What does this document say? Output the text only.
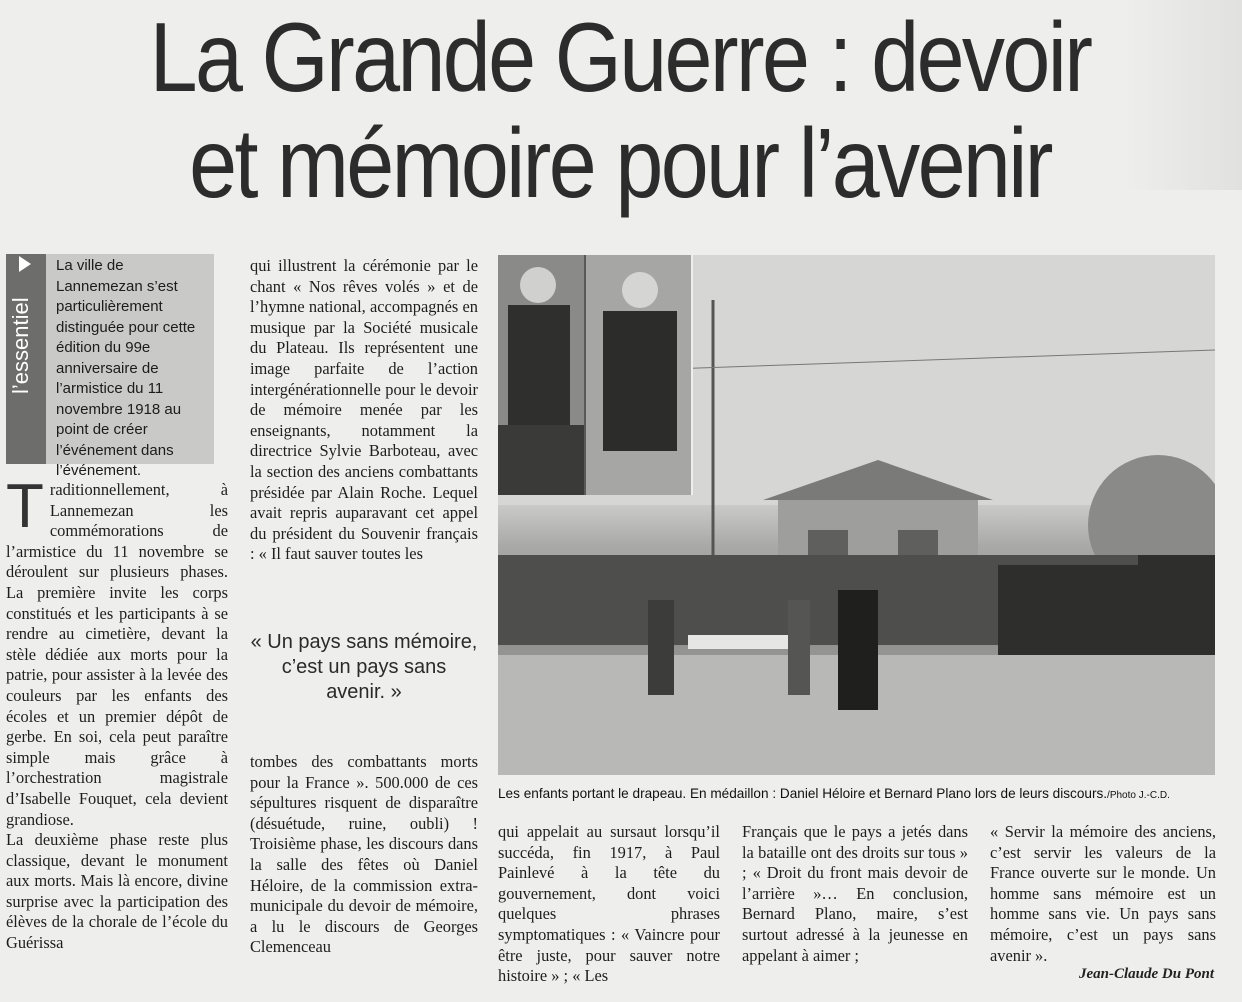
La Grande Guerre : devoir
et mémoire pour l’avenir
l’essentiel

La ville de Lannemezan s’est particulièrement distinguée pour cette édition du 99e anniversaire de l’armistice du 11 novembre 1918 au point de créer l’événement dans l’événement.

Traditionnellement, à Lannemezan les commémorations de l’armistice du 11 novembre se déroulent sur plusieurs phases. La première invite les corps constitués et les participants à se rendre au cimetière, devant la stèle dédiée aux morts pour la patrie, pour assister à la levée des couleurs par les enfants des écoles et un premier dépôt de gerbe. En soi, cela peut paraître simple mais grâce à l’orchestration magistrale d’Isabelle Fouquet, cela devient grandiose.

La deuxième phase reste plus classique, devant le monument aux morts. Mais là encore, divine surprise avec la participation des élèves de la chorale de l’école du Guérissa

qui illustrent la cérémonie par le chant « Nos rêves volés » et de l’hymne national, accompagnés en musique par la Société musicale du Plateau. Ils représentent une image parfaite de l’action intergénérationnelle pour le devoir de mémoire menée par les enseignants, notamment la directrice Sylvie Barboteau, avec la section des anciens combattants présidée par Alain Roche. Lequel avait repris auparavant cet appel du président du Souvenir français : « Il faut sauver toutes les

« Un pays sans mémoire, c’est un pays sans avenir. »

tombes des combattants morts pour la France ». 500.000 de ces sépultures risquent de disparaître (désuétude, ruine, oubli) ! Troisième phase, les discours dans la salle des fêtes où Daniel Héloire, de la commission extra-municipale du devoir de mémoire, a lu le discours de Georges Clemenceau

Les enfants portant le drapeau. En médaillon : Daniel Héloire et Bernard Plano lors de leurs discours./Photo J.-C.D.

qui appelait au sursaut lorsqu’il succéda, fin 1917, à Paul Painlevé à la tête du gouvernement, dont voici quelques phrases symptomatiques : « Vaincre pour être juste, pour sauver notre histoire » ; « Les

Français que le pays a jetés dans la bataille ont des droits sur tous » ; « Droit du front mais devoir de l’arrière »… En conclusion, Bernard Plano, maire, s’est surtout adressé à la jeunesse en appelant à aimer ;

« Servir la mémoire des anciens, c’est servir les valeurs de la France ouverte sur le monde. Un homme sans mémoire est un homme sans vie. Un pays sans mémoire, c’est un pays sans avenir ».

Jean-Claude Du Pont
